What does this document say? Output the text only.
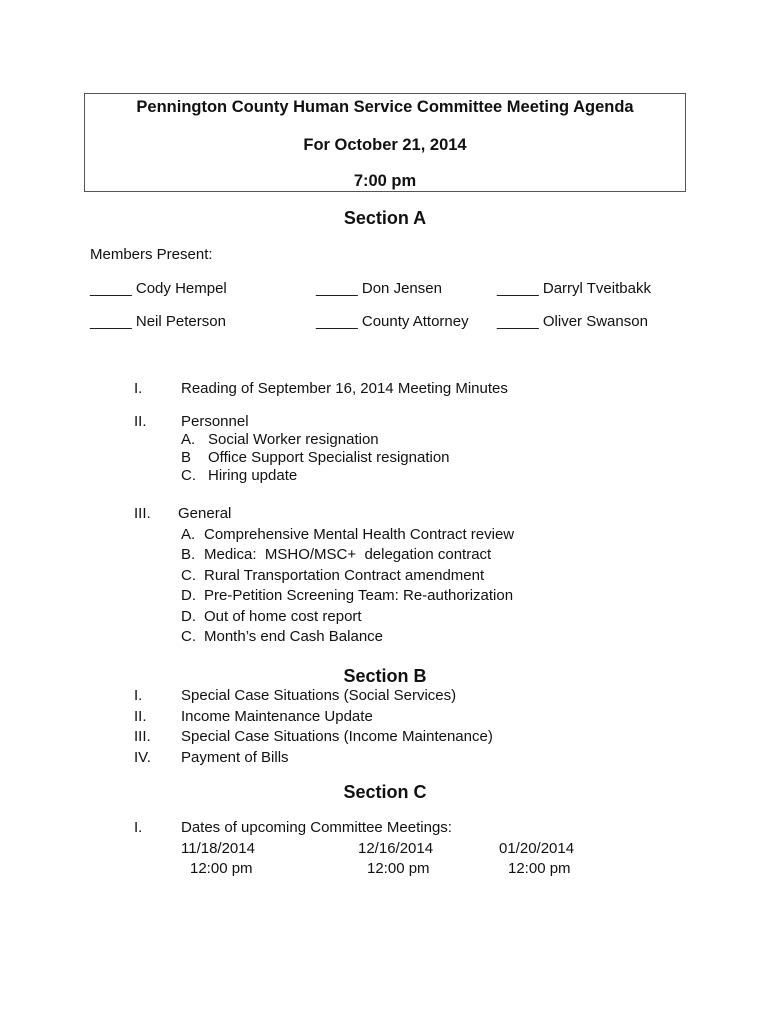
Pennington County Human Service Committee Meeting Agenda
For October 21, 2014
7:00 pm
Section A
Members Present:
_____ Cody Hempel	_____ Don Jensen	_____ Darryl Tveitbakk
_____ Neil Peterson	_____ County Attorney _____ Oliver Swanson
I.	Reading of September 16, 2014 Meeting Minutes
II. Personnel
A. Social Worker resignation
B Office Support Specialist resignation
C. Hiring update
III. General
A. Comprehensive Mental Health Contract review
B. Medica:  MSHO/MSC+  delegation contract
C. Rural Transportation Contract amendment
D. Pre-Petition Screening Team: Re-authorization
D. Out of home cost report
C. Month’s end Cash Balance
Section B
I.	Special Case Situations (Social Services)
II. Income Maintenance Update
III. Special Case Situations (Income Maintenance)
IV. Payment of Bills
Section C
I.	Dates of upcoming Committee Meetings:
11/18/2014	12/16/2014	01/20/2014
12:00 pm	12:00 pm	12:00 pm
